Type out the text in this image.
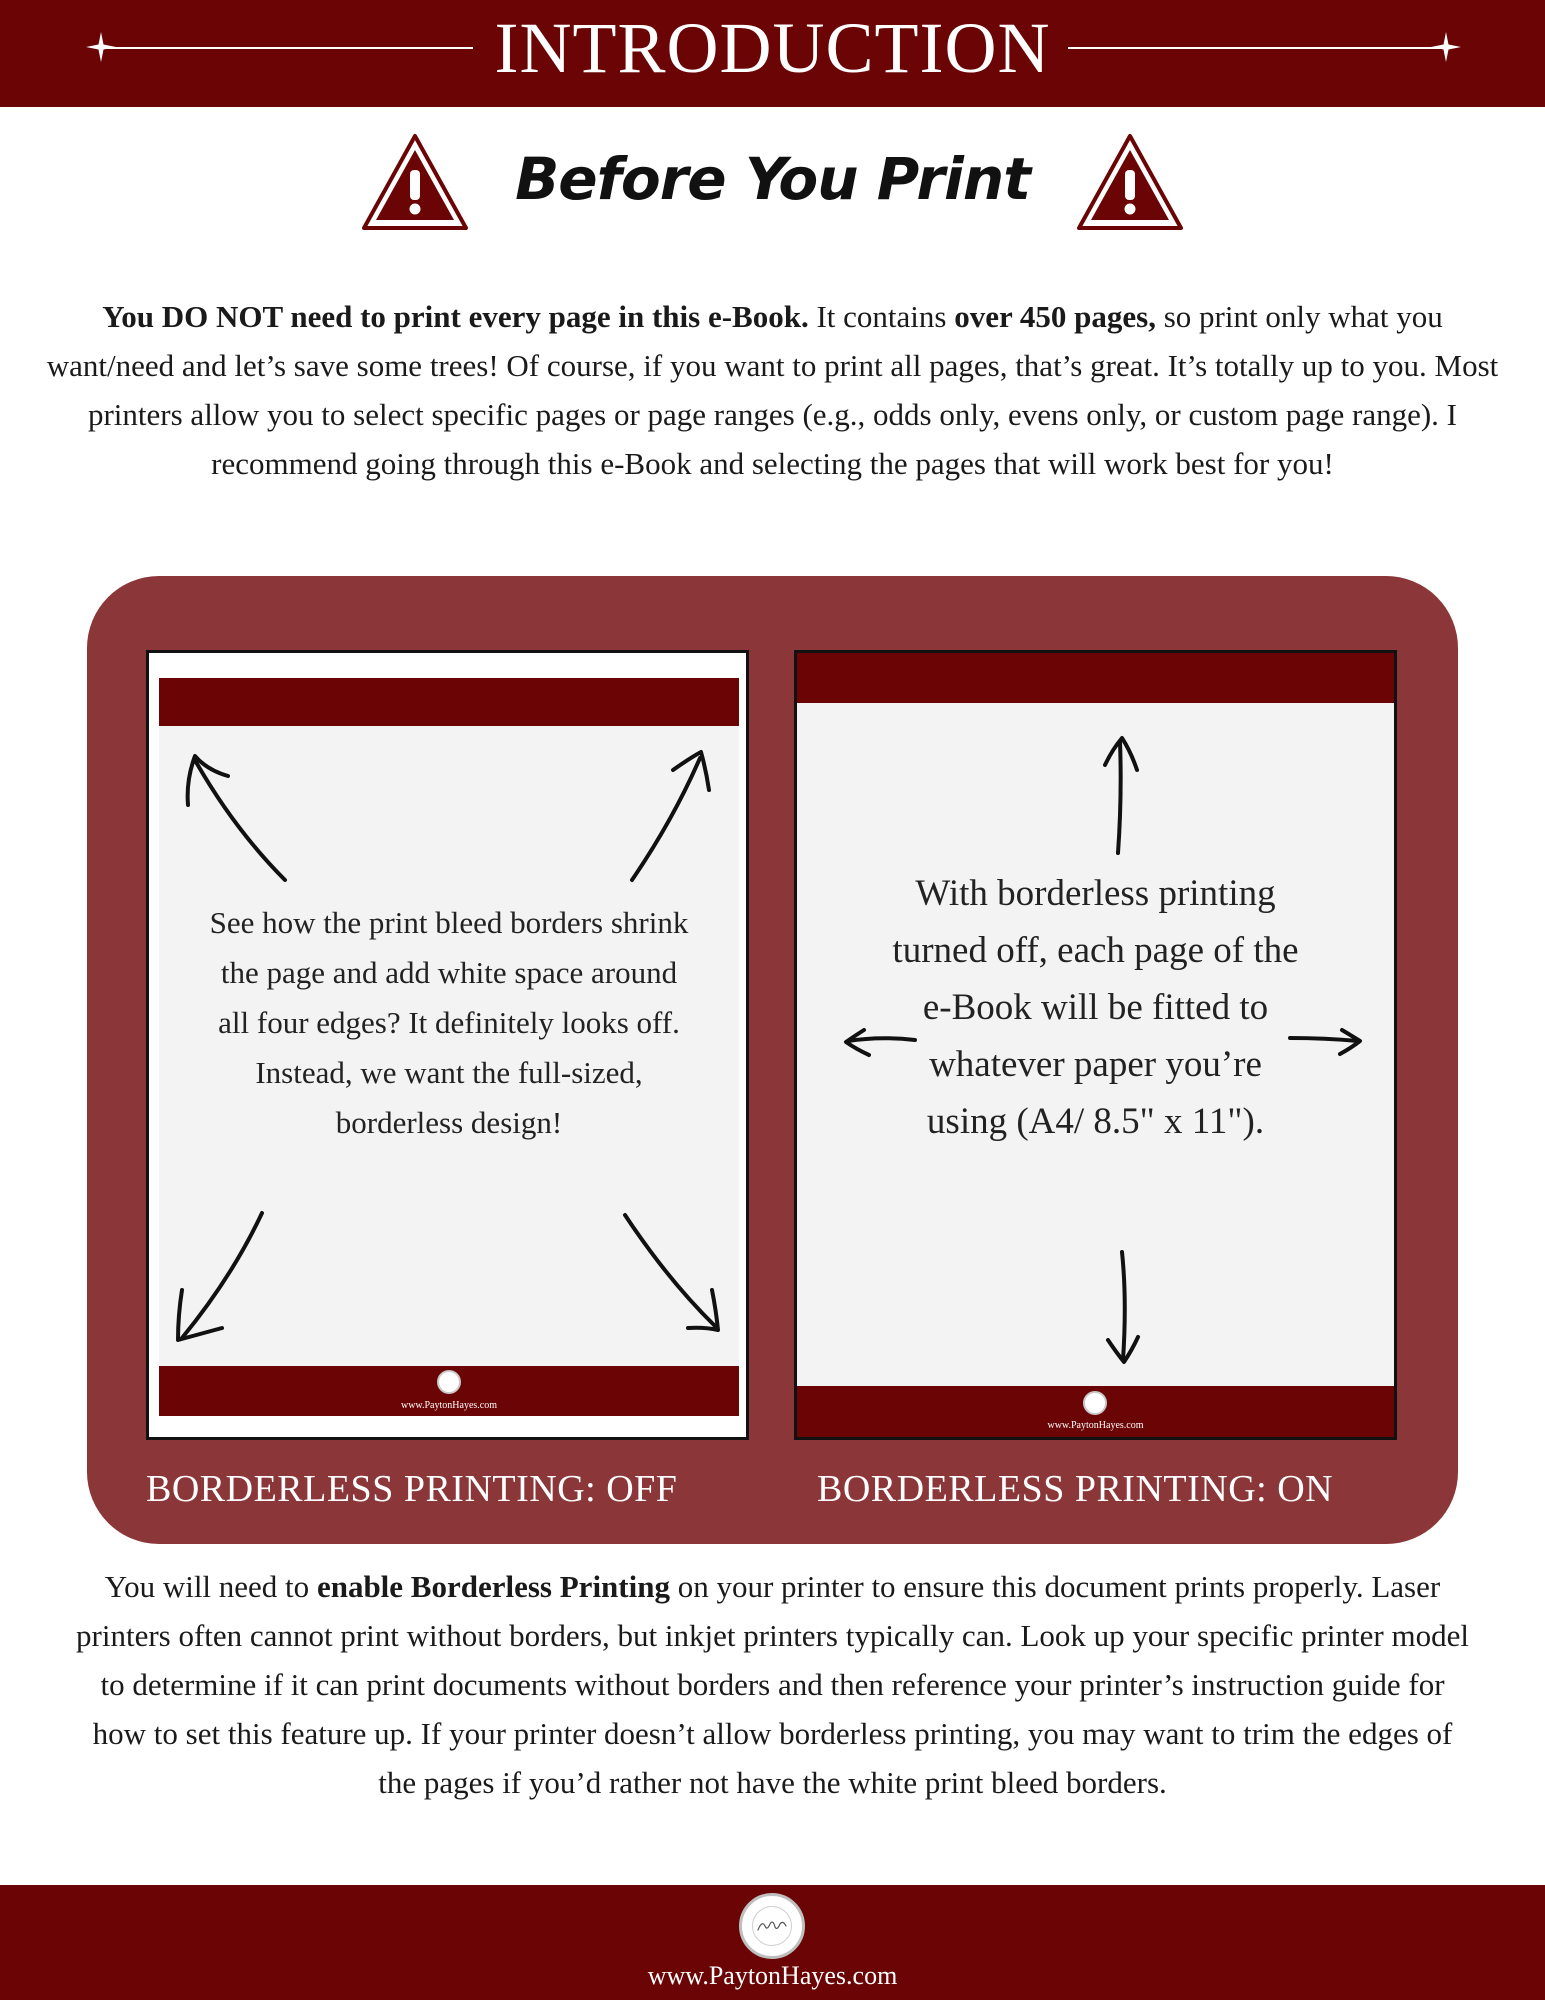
INTRODUCTION
Before You Print

You DO NOT need to print every page in this e-Book. It contains over 450 pages, so print only what you want/need and let’s save some trees! Of course, if you want to print all pages, that’s great. It’s totally up to you. Most printers allow you to select specific pages or page ranges (e.g., odds only, evens only, or custom page range). I recommend going through this e-Book and selecting the pages that will work best for you!

See how the print bleed borders shrink the page and add white space around all four edges? It definitely looks off. Instead, we want the full-sized, borderless design!
www.PaytonHayes.com
With borderless printing turned off, each page of the e-Book will be fitted to whatever paper you’re using (A4/ 8.5" x 11").
www.PaytonHayes.com
BORDERLESS PRINTING: OFF	BORDERLESS PRINTING: ON

You will need to enable Borderless Printing on your printer to ensure this document prints properly. Laser printers often cannot print without borders, but inkjet printers typically can. Look up your specific printer model to determine if it can print documents without borders and then reference your printer’s instruction guide for how to set this feature up. If your printer doesn’t allow borderless printing, you may want to trim the edges of the pages if you’d rather not have the white print bleed borders.

www.PaytonHayes.com
